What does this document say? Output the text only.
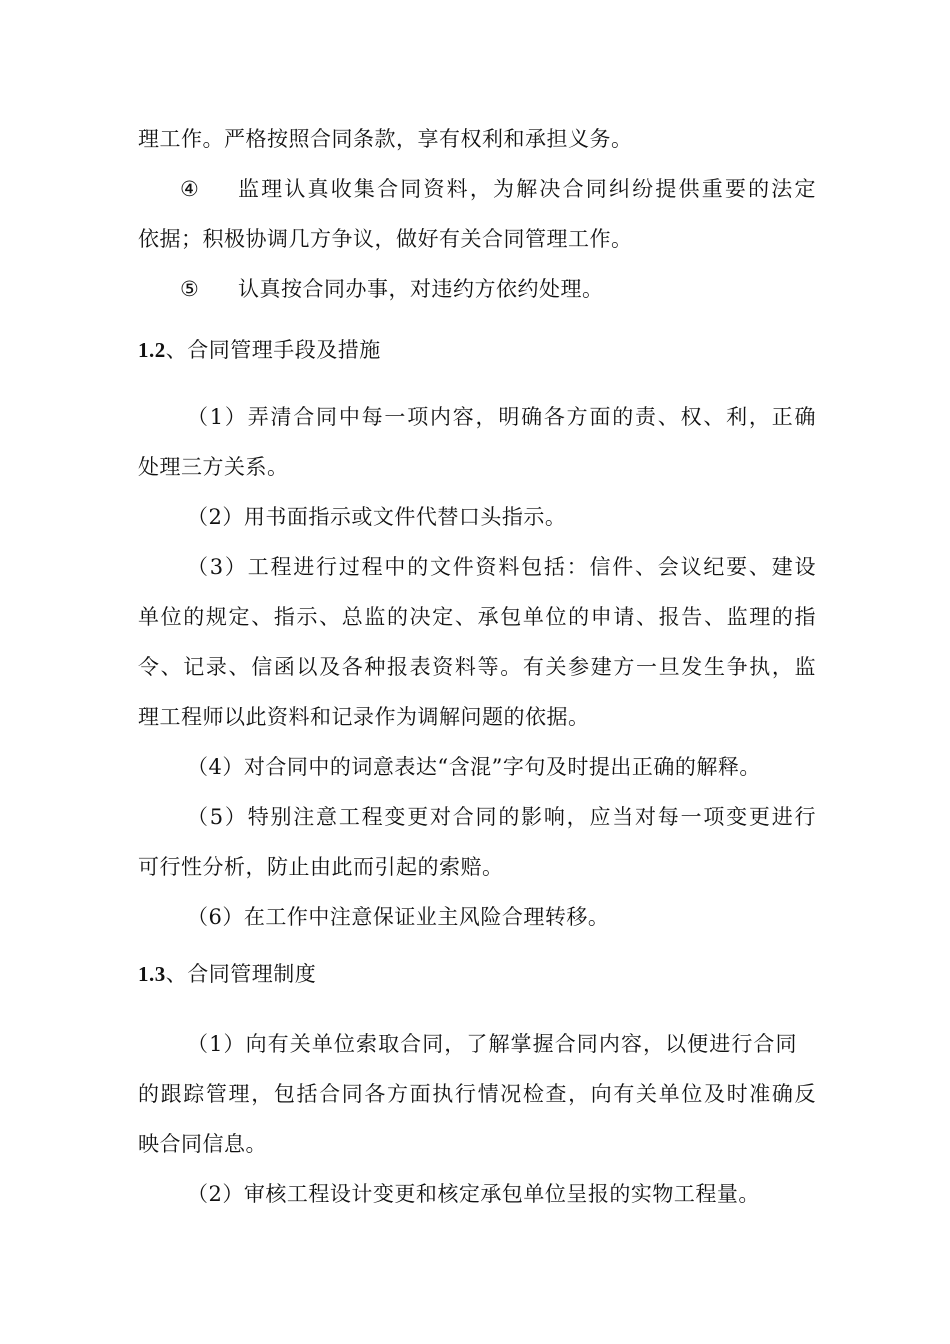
理工作。严格按照合同条款，享有权利和承担义务。
④ 监理认真收集合同资料，为解决合同纠纷提供重要的法定
依据；积极协调几方争议，做好有关合同管理工作。
⑤ 认真按合同办事，对违约方依约处理。
1.2、合同管理手段及措施
（1）弄清合同中每一项内容，明确各方面的责、权、利，正确
处理三方关系。
（2）用书面指示或文件代替口头指示。
（3）工程进行过程中的文件资料包括：信件、会议纪要、建设
单位的规定、指示、总监的决定、承包单位的申请、报告、监理的指
令、记录、信函以及各种报表资料等。有关参建方一旦发生争执，监
理工程师以此资料和记录作为调解问题的依据。
（4）对合同中的词意表达“含混”字句及时提出正确的解释。
（5）特别注意工程变更对合同的影响，应当对每一项变更进行
可行性分析，防止由此而引起的索赔。
（6）在工作中注意保证业主风险合理转移。
1.3、合同管理制度
（1）向有关单位索取合同，了解掌握合同内容，以便进行合同
的跟踪管理，包括合同各方面执行情况检查，向有关单位及时准确反
映合同信息。
（2）审核工程设计变更和核定承包单位呈报的实物工程量。
